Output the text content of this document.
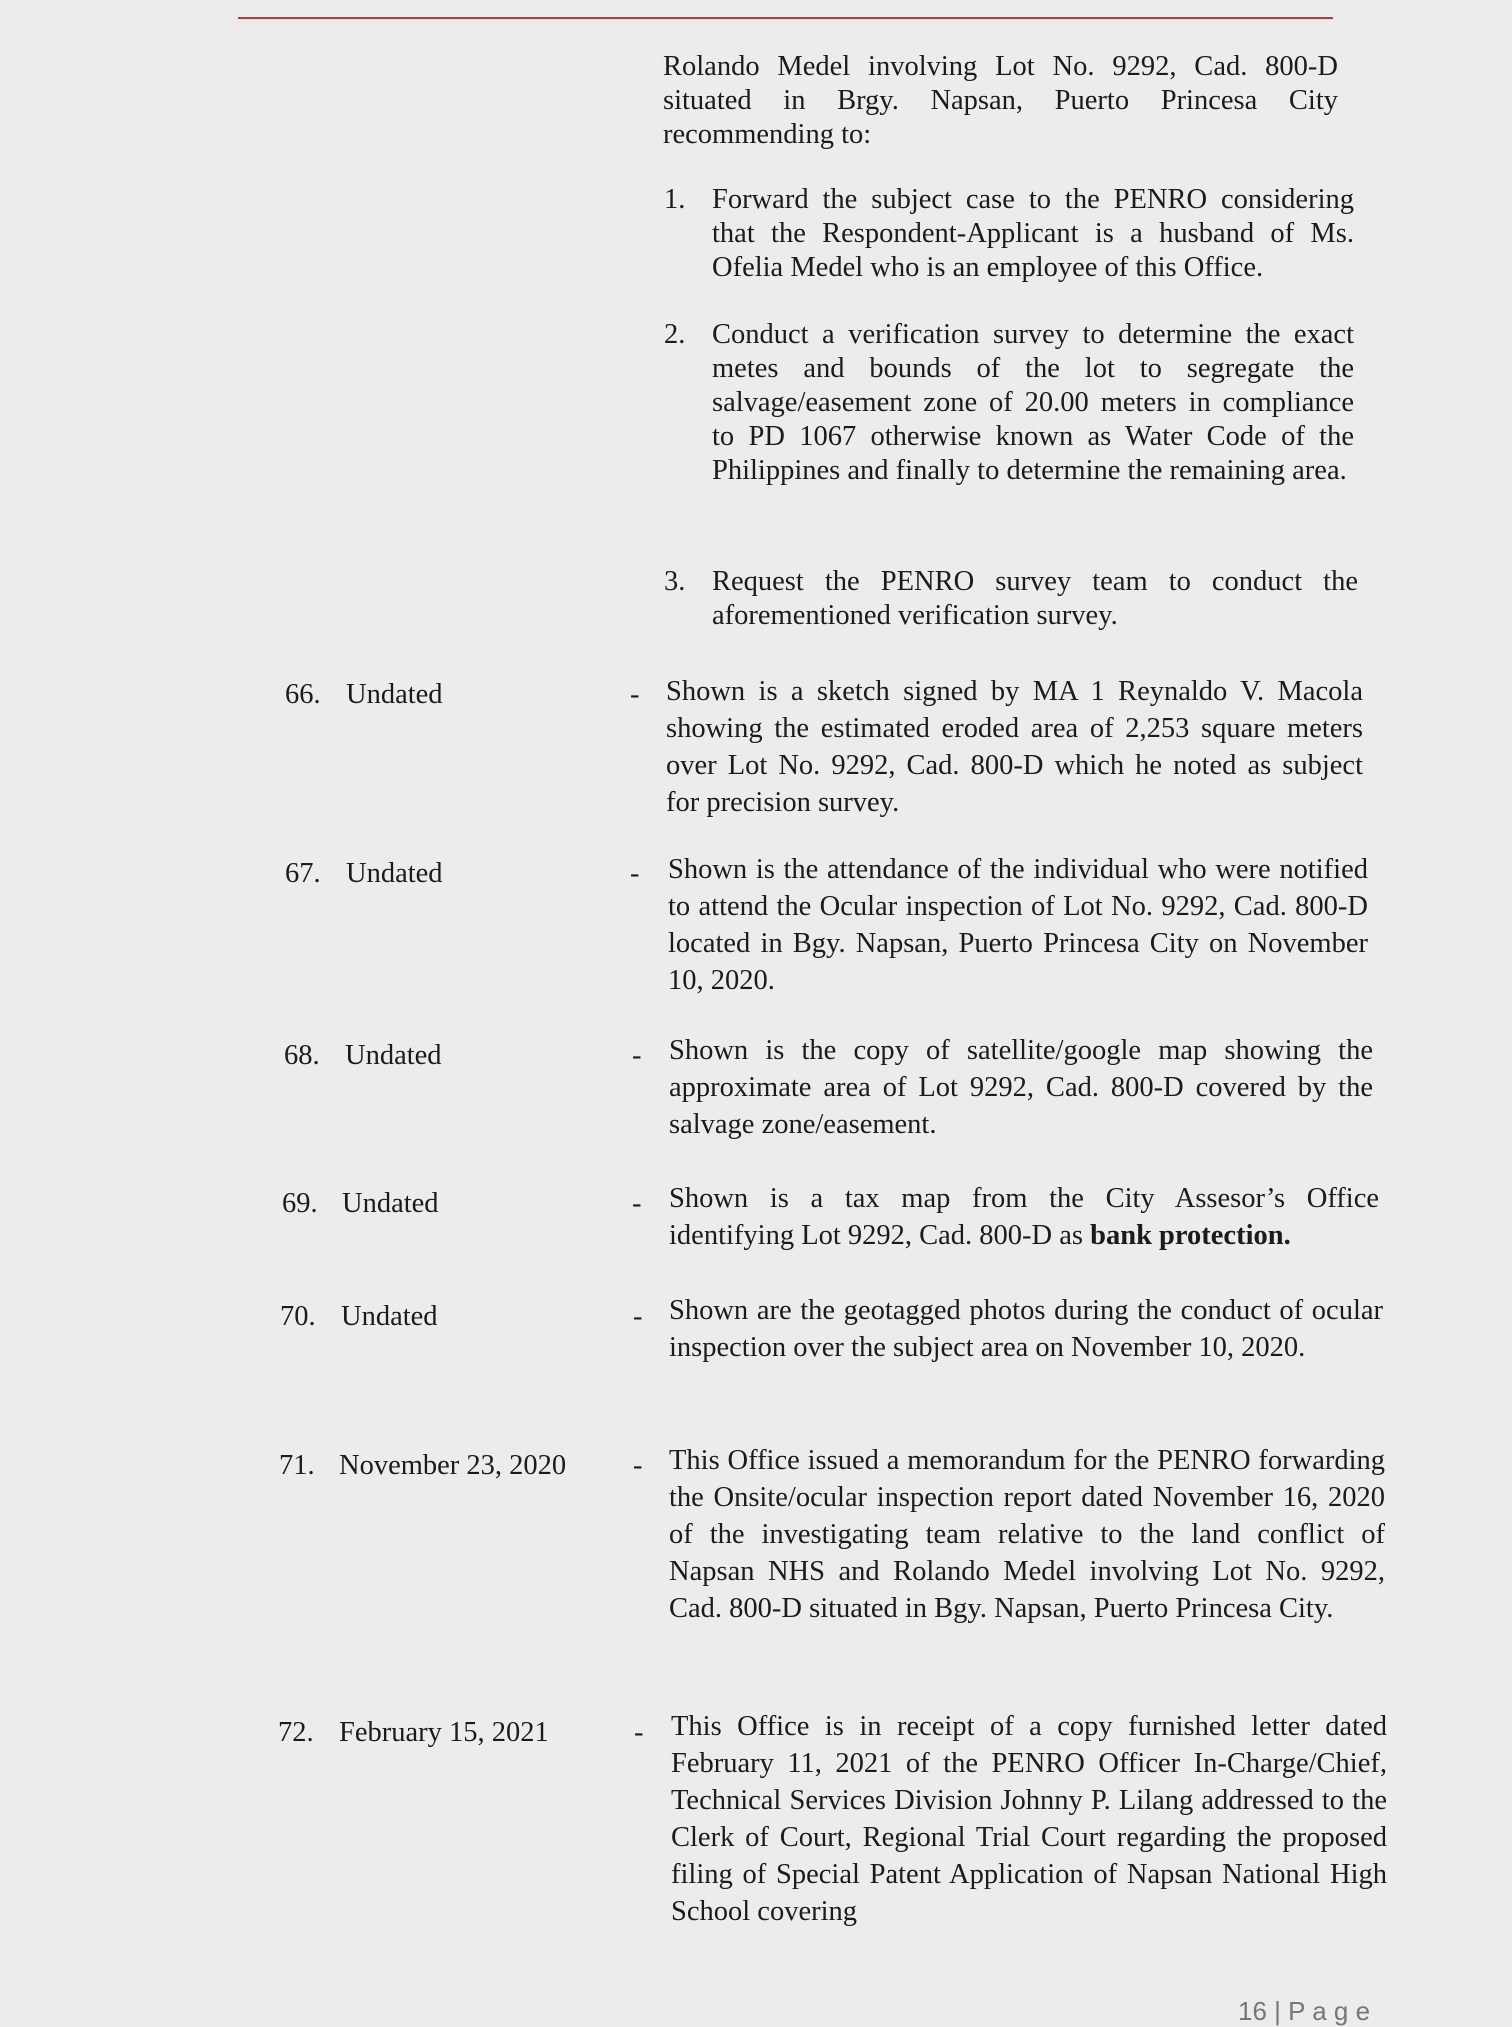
Rolando Medel involving Lot No. 9292, Cad. 800-D situated in Brgy. Napsan, Puerto Princesa City recommending to:
1. Forward the subject case to the PENRO considering that the Respondent-Applicant is a husband of Ms. Ofelia Medel who is an employee of this Office.
2. Conduct a verification survey to determine the exact metes and bounds of the lot to segregate the salvage/easement zone of 20.00 meters in compliance to PD 1067 otherwise known as Water Code of the Philippines and finally to determine the remaining area.
3. Request the PENRO survey team to conduct the aforementioned verification survey.
66. Undated	- Shown is a sketch signed by MA 1 Reynaldo V. Macola showing the estimated eroded area of 2,253 square meters over Lot No. 9292, Cad. 800-D which he noted as subject for precision survey.
67. Undated	- Shown is the attendance of the individual who were notified to attend the Ocular inspection of Lot No. 9292, Cad. 800-D located in Bgy. Napsan, Puerto Princesa City on November 10, 2020.
68. Undated	- Shown is the copy of satellite/google map showing the approximate area of Lot 9292, Cad. 800-D covered by the salvage zone/easement.
69. Undated	- Shown is a tax map from the City Assesor’s Office identifying Lot 9292, Cad. 800-D as bank protection.
70. Undated	- Shown are the geotagged photos during the conduct of ocular inspection over the subject area on November 10, 2020.
71. November 23, 2020 - This Office issued a memorandum for the PENRO forwarding the Onsite/ocular inspection report dated November 16, 2020 of the investigating team relative to the land conflict of Napsan NHS and Rolando Medel involving Lot No. 9292, Cad. 800-D situated in Bgy. Napsan, Puerto Princesa City.
72. February 15, 2021	- This Office is in receipt of a copy furnished letter dated February 11, 2021 of the PENRO Officer In-Charge/Chief, Technical Services Division Johnny P. Lilang addressed to the Clerk of Court, Regional Trial Court regarding the proposed filing of Special Patent Application of Napsan National High School covering
16 | P a g e
